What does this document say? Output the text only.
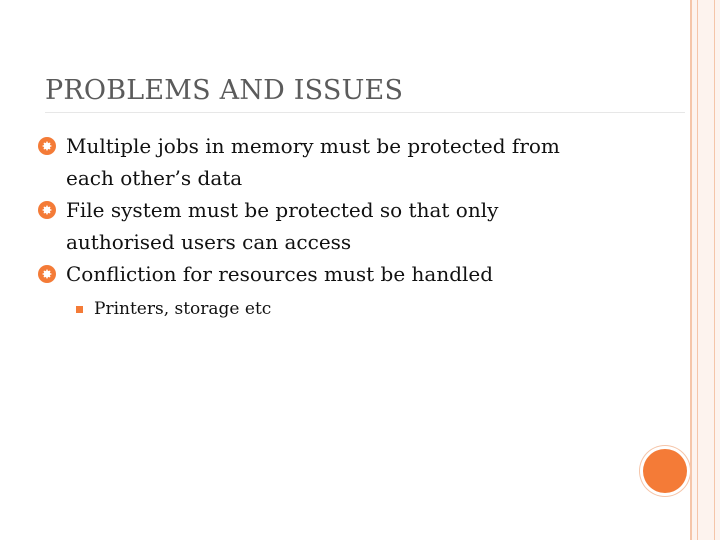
PROBLEMS AND ISSUES
Multiple jobs in memory must be protected from
each other’s data
File system must be protected so that only
authorised users can access
Confliction for resources must be handled
Printers, storage etc
